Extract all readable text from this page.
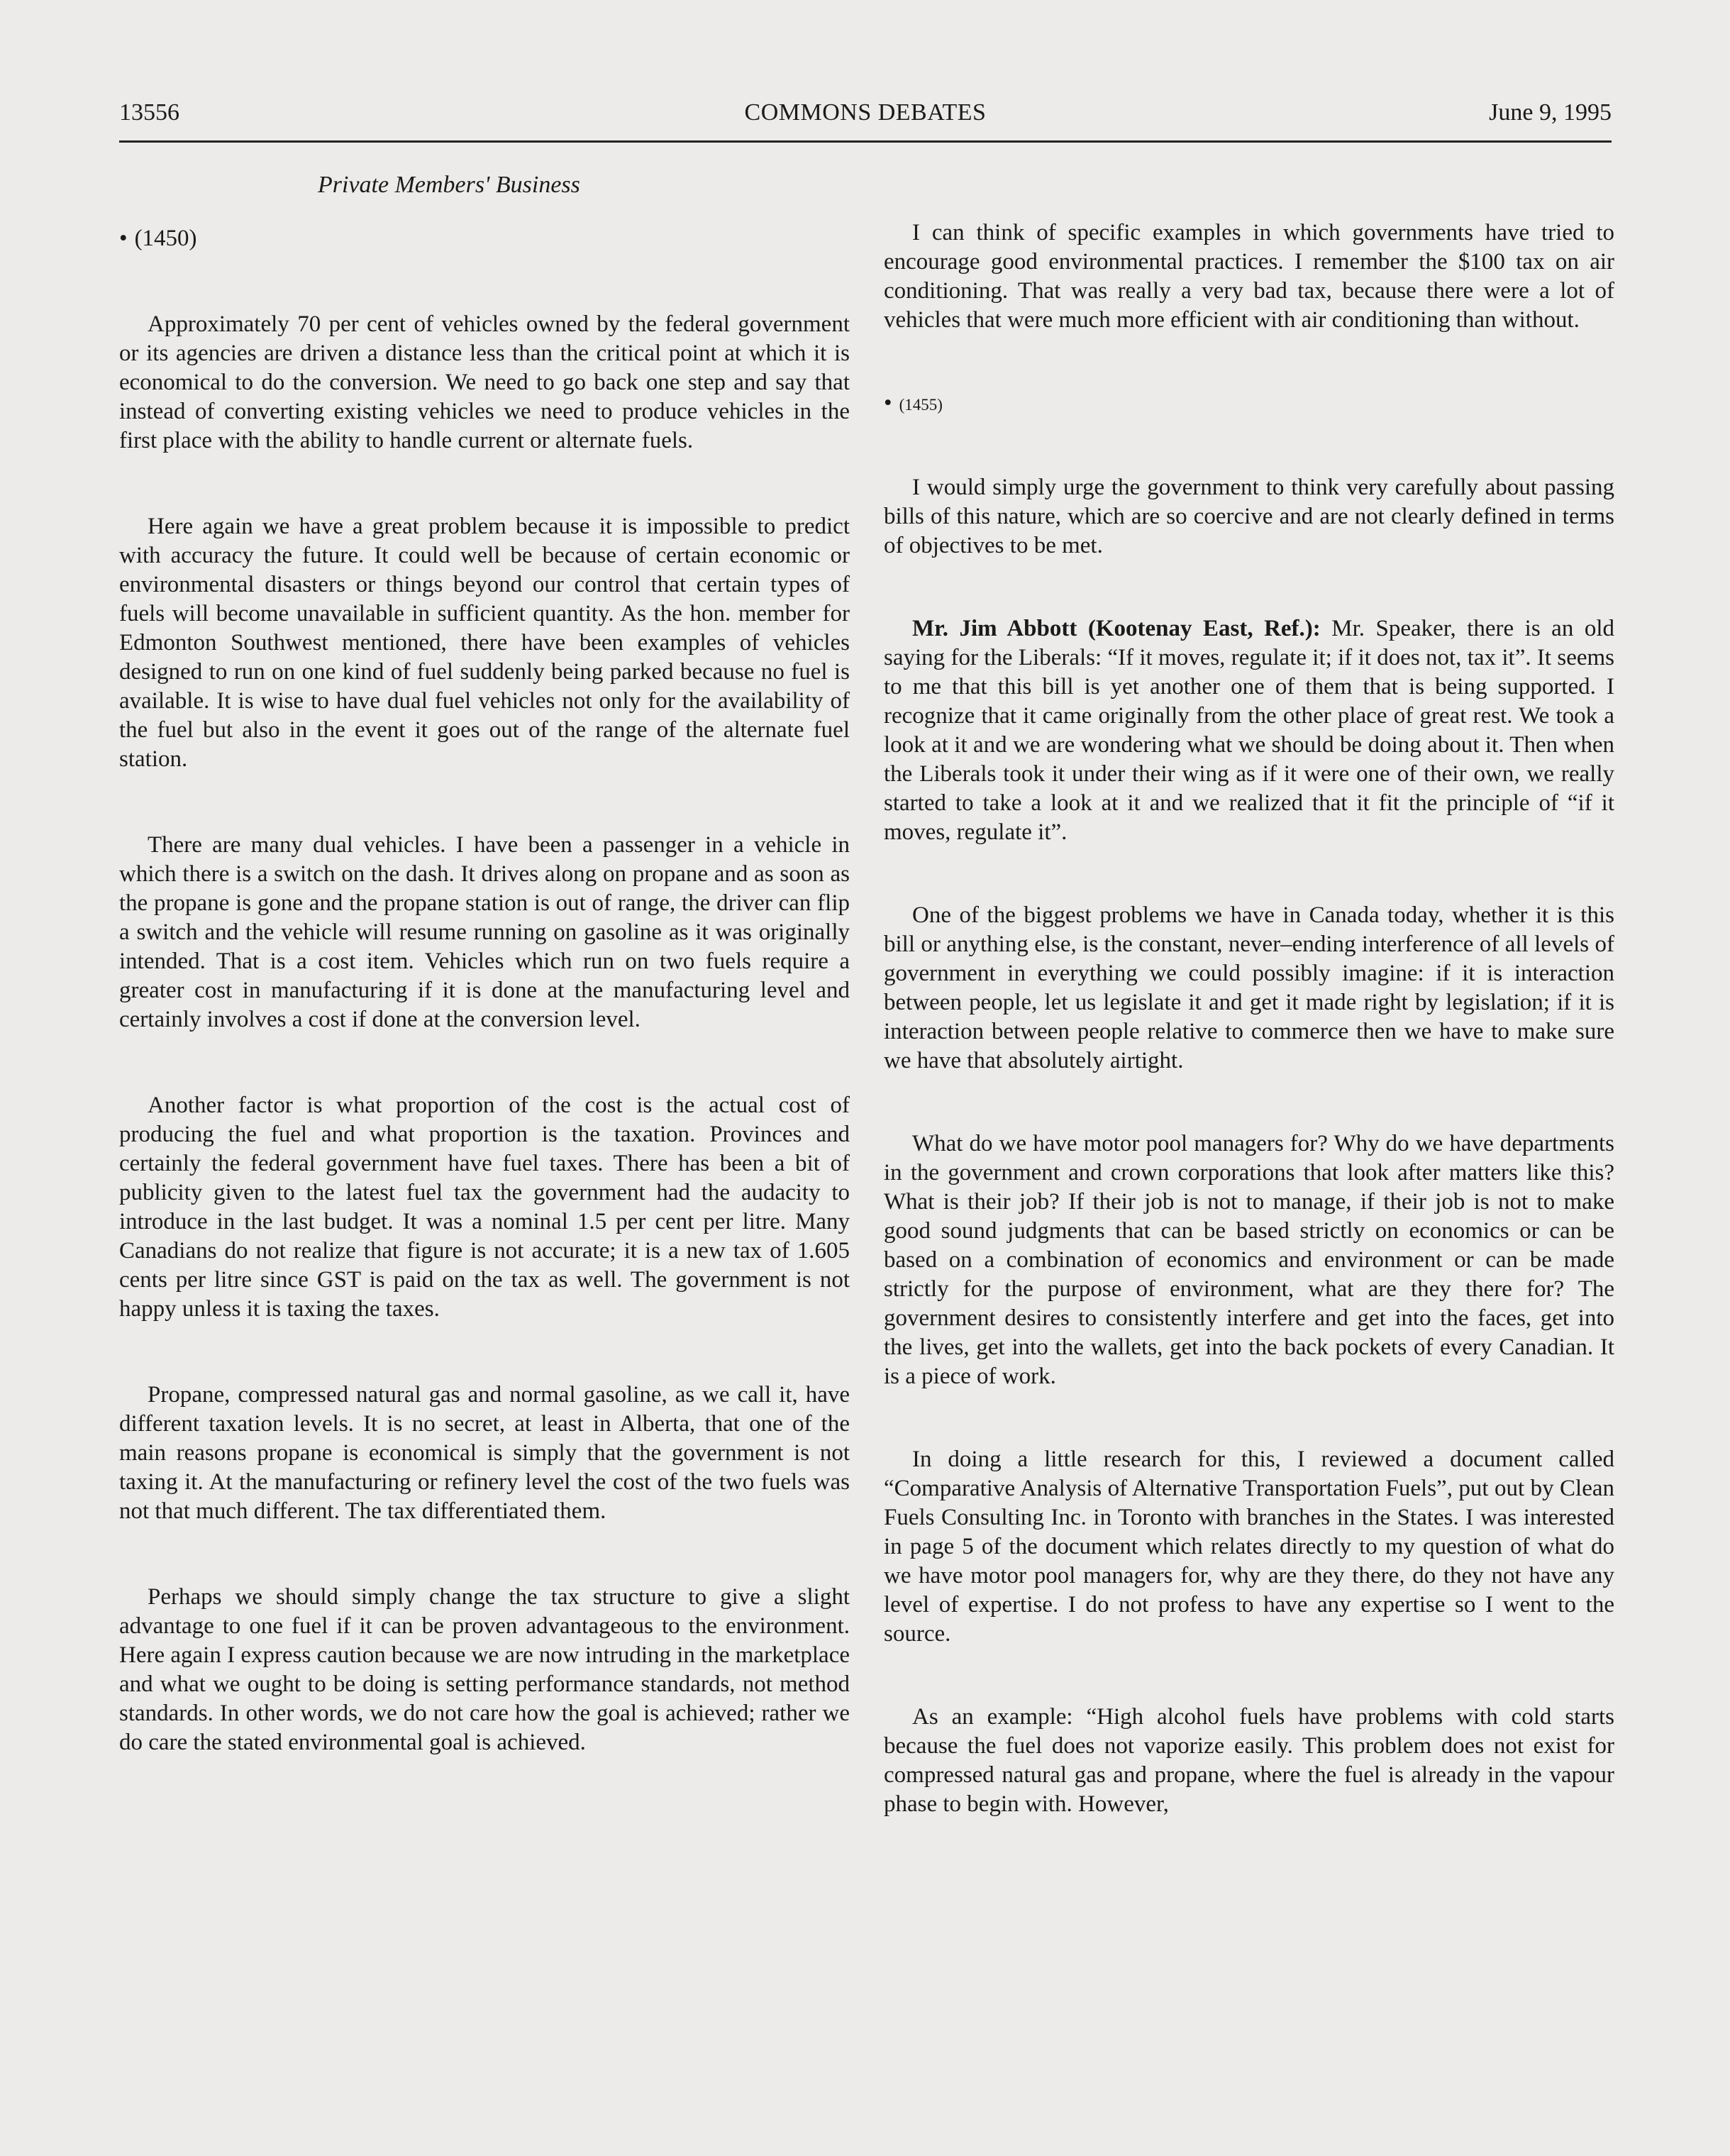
13556	COMMONS DEBATES	June 9, 1995
Private Members' Business
• (1450)

Approximately 70 per cent of vehicles owned by the federal government or its agencies are driven a distance less than the critical point at which it is economical to do the conversion. We need to go back one step and say that instead of converting existing vehicles we need to produce vehicles in the first place with the ability to handle current or alternate fuels.

Here again we have a great problem because it is impossible to predict with accuracy the future. It could well be because of certain economic or environmental disasters or things beyond our control that certain types of fuels will become unavailable in sufficient quantity. As the hon. member for Edmonton Southwest mentioned, there have been examples of vehicles designed to run on one kind of fuel suddenly being parked because no fuel is available. It is wise to have dual fuel vehicles not only for the availability of the fuel but also in the event it goes out of the range of the alternate fuel station.

There are many dual vehicles. I have been a passenger in a vehicle in which there is a switch on the dash. It drives along on propane and as soon as the propane is gone and the propane station is out of range, the driver can flip a switch and the vehicle will resume running on gasoline as it was originally intended. That is a cost item. Vehicles which run on two fuels require a greater cost in manufacturing if it is done at the manufacturing level and certainly involves a cost if done at the conversion level.

Another factor is what proportion of the cost is the actual cost of producing the fuel and what proportion is the taxation. Provinces and certainly the federal government have fuel taxes. There has been a bit of publicity given to the latest fuel tax the government had the audacity to introduce in the last budget. It was a nominal 1.5 per cent per litre. Many Canadians do not realize that figure is not accurate; it is a new tax of 1.605 cents per litre since GST is paid on the tax as well. The government is not happy unless it is taxing the taxes.

Propane, compressed natural gas and normal gasoline, as we call it, have different taxation levels. It is no secret, at least in Alberta, that one of the main reasons propane is economical is simply that the government is not taxing it. At the manufacturing or refinery level the cost of the two fuels was not that much different. The tax differentiated them.

Perhaps we should simply change the tax structure to give a slight advantage to one fuel if it can be proven advantageous to the environment. Here again I express caution because we are now intruding in the marketplace and what we ought to be doing is setting performance standards, not method standards. In other words, we do not care how the goal is achieved; rather we do care the stated environmental goal is achieved.

I can think of specific examples in which governments have tried to encourage good environmental practices. I remember the $100 tax on air conditioning. That was really a very bad tax, because there were a lot of vehicles that were much more efficient with air conditioning than without.

• (1455)

I would simply urge the government to think very carefully about passing bills of this nature, which are so coercive and are not clearly defined in terms of objectives to be met.

Mr. Jim Abbott (Kootenay East, Ref.): Mr. Speaker, there is an old saying for the Liberals: “If it moves, regulate it; if it does not, tax it”. It seems to me that this bill is yet another one of them that is being supported. I recognize that it came originally from the other place of great rest. We took a look at it and we are wondering what we should be doing about it. Then when the Liberals took it under their wing as if it were one of their own, we really started to take a look at it and we realized that it fit the principle of “if it moves, regulate it”.

One of the biggest problems we have in Canada today, whether it is this bill or anything else, is the constant, never–ending interference of all levels of government in everything we could possibly imagine: if it is interaction between people, let us legislate it and get it made right by legislation; if it is interaction between people relative to commerce then we have to make sure we have that absolutely airtight.

What do we have motor pool managers for? Why do we have departments in the government and crown corporations that look after matters like this? What is their job? If their job is not to manage, if their job is not to make good sound judgments that can be based strictly on economics or can be based on a combination of economics and environment or can be made strictly for the purpose of environment, what are they there for? The government desires to consistently interfere and get into the faces, get into the lives, get into the wallets, get into the back pockets of every Canadian. It is a piece of work.

In doing a little research for this, I reviewed a document called “Comparative Analysis of Alternative Transportation Fuels”, put out by Clean Fuels Consulting Inc. in Toronto with branches in the States. I was interested in page 5 of the document which relates directly to my question of what do we have motor pool managers for, why are they there, do they not have any level of expertise. I do not profess to have any expertise so I went to the source.

As an example: “High alcohol fuels have problems with cold starts because the fuel does not vaporize easily. This problem does not exist for compressed natural gas and propane, where the fuel is already in the vapour phase to begin with. However,
